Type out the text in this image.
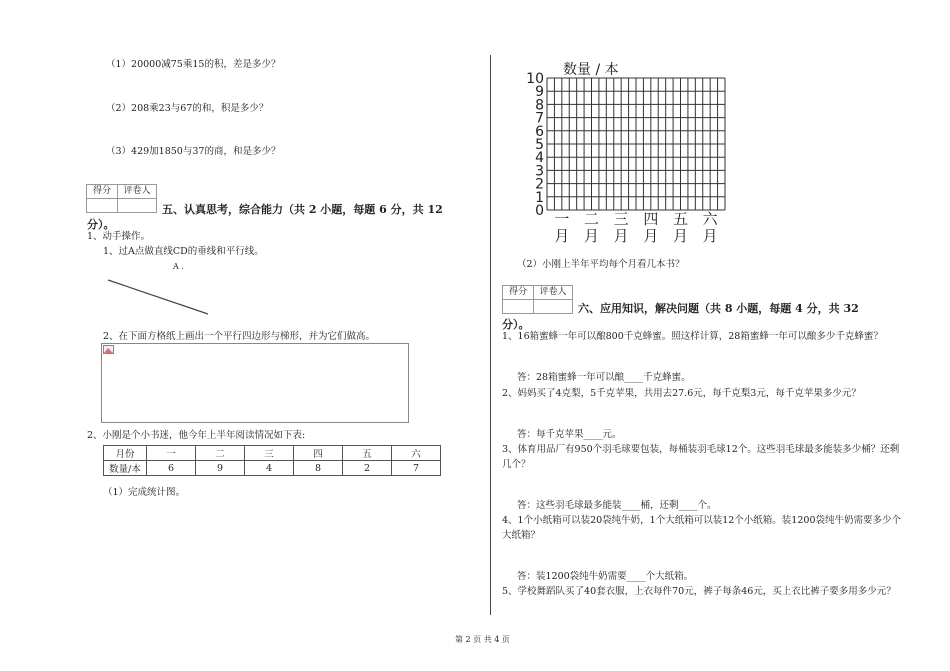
（1）20000减75乘15的积，差是多少？
（2）208乘23与67的和，积是多少？
（3）429加1850与37的商，和是多少？
得分	评卷人
五、认真思考，综合能力（共 2 小题，每题 6 分，共 12
分）。
1、动手操作。
1、过A点做直线CD的垂线和平行线。
A .
2、在下面方格纸上画出一个平行四边形与梯形，并为它们做高。
2、小刚是个小书迷，他今年上半年阅读情况如下表:
月份	一	二	三	四	五	六
数量/本	6	9	4	8	2	7
（1）完成统计图。
0
1
2
3
4
5
6
7
8
9
10
数量 / 本
一
月
二
月
三
月
四
月
五
月
六
月
（2）小刚上半年平均每个月看几本书？
得分	评卷人
六、应用知识，解决问题（共 8 小题，每题 4 分，共 32
分）。
1、16箱蜜蜂一年可以酿800千克蜂蜜。照这样计算，28箱蜜蜂一年可以酿多少千克蜂蜜？
答：28箱蜜蜂一年可以酿____千克蜂蜜。
2、妈妈买了4克梨，5千克苹果，共用去27.6元，每千克梨3元，每千克苹果多少元？
答：每千克苹果____元。
3、体育用品厂有950个羽毛球要包装，每桶装羽毛球12个。这些羽毛球最多能装多少桶？还剩
几个？
答：这些羽毛球最多能装____桶，还剩____个。
4、1个小纸箱可以装20袋纯牛奶，1个大纸箱可以装12个小纸箱。装1200袋纯牛奶需要多少个
大纸箱？
答：装1200袋纯牛奶需要____个大纸箱。
5、学校舞蹈队买了40套衣服，上衣每件70元，裤子每条46元，买上衣比裤子要多用多少元？
第 2 页 共 4 页
